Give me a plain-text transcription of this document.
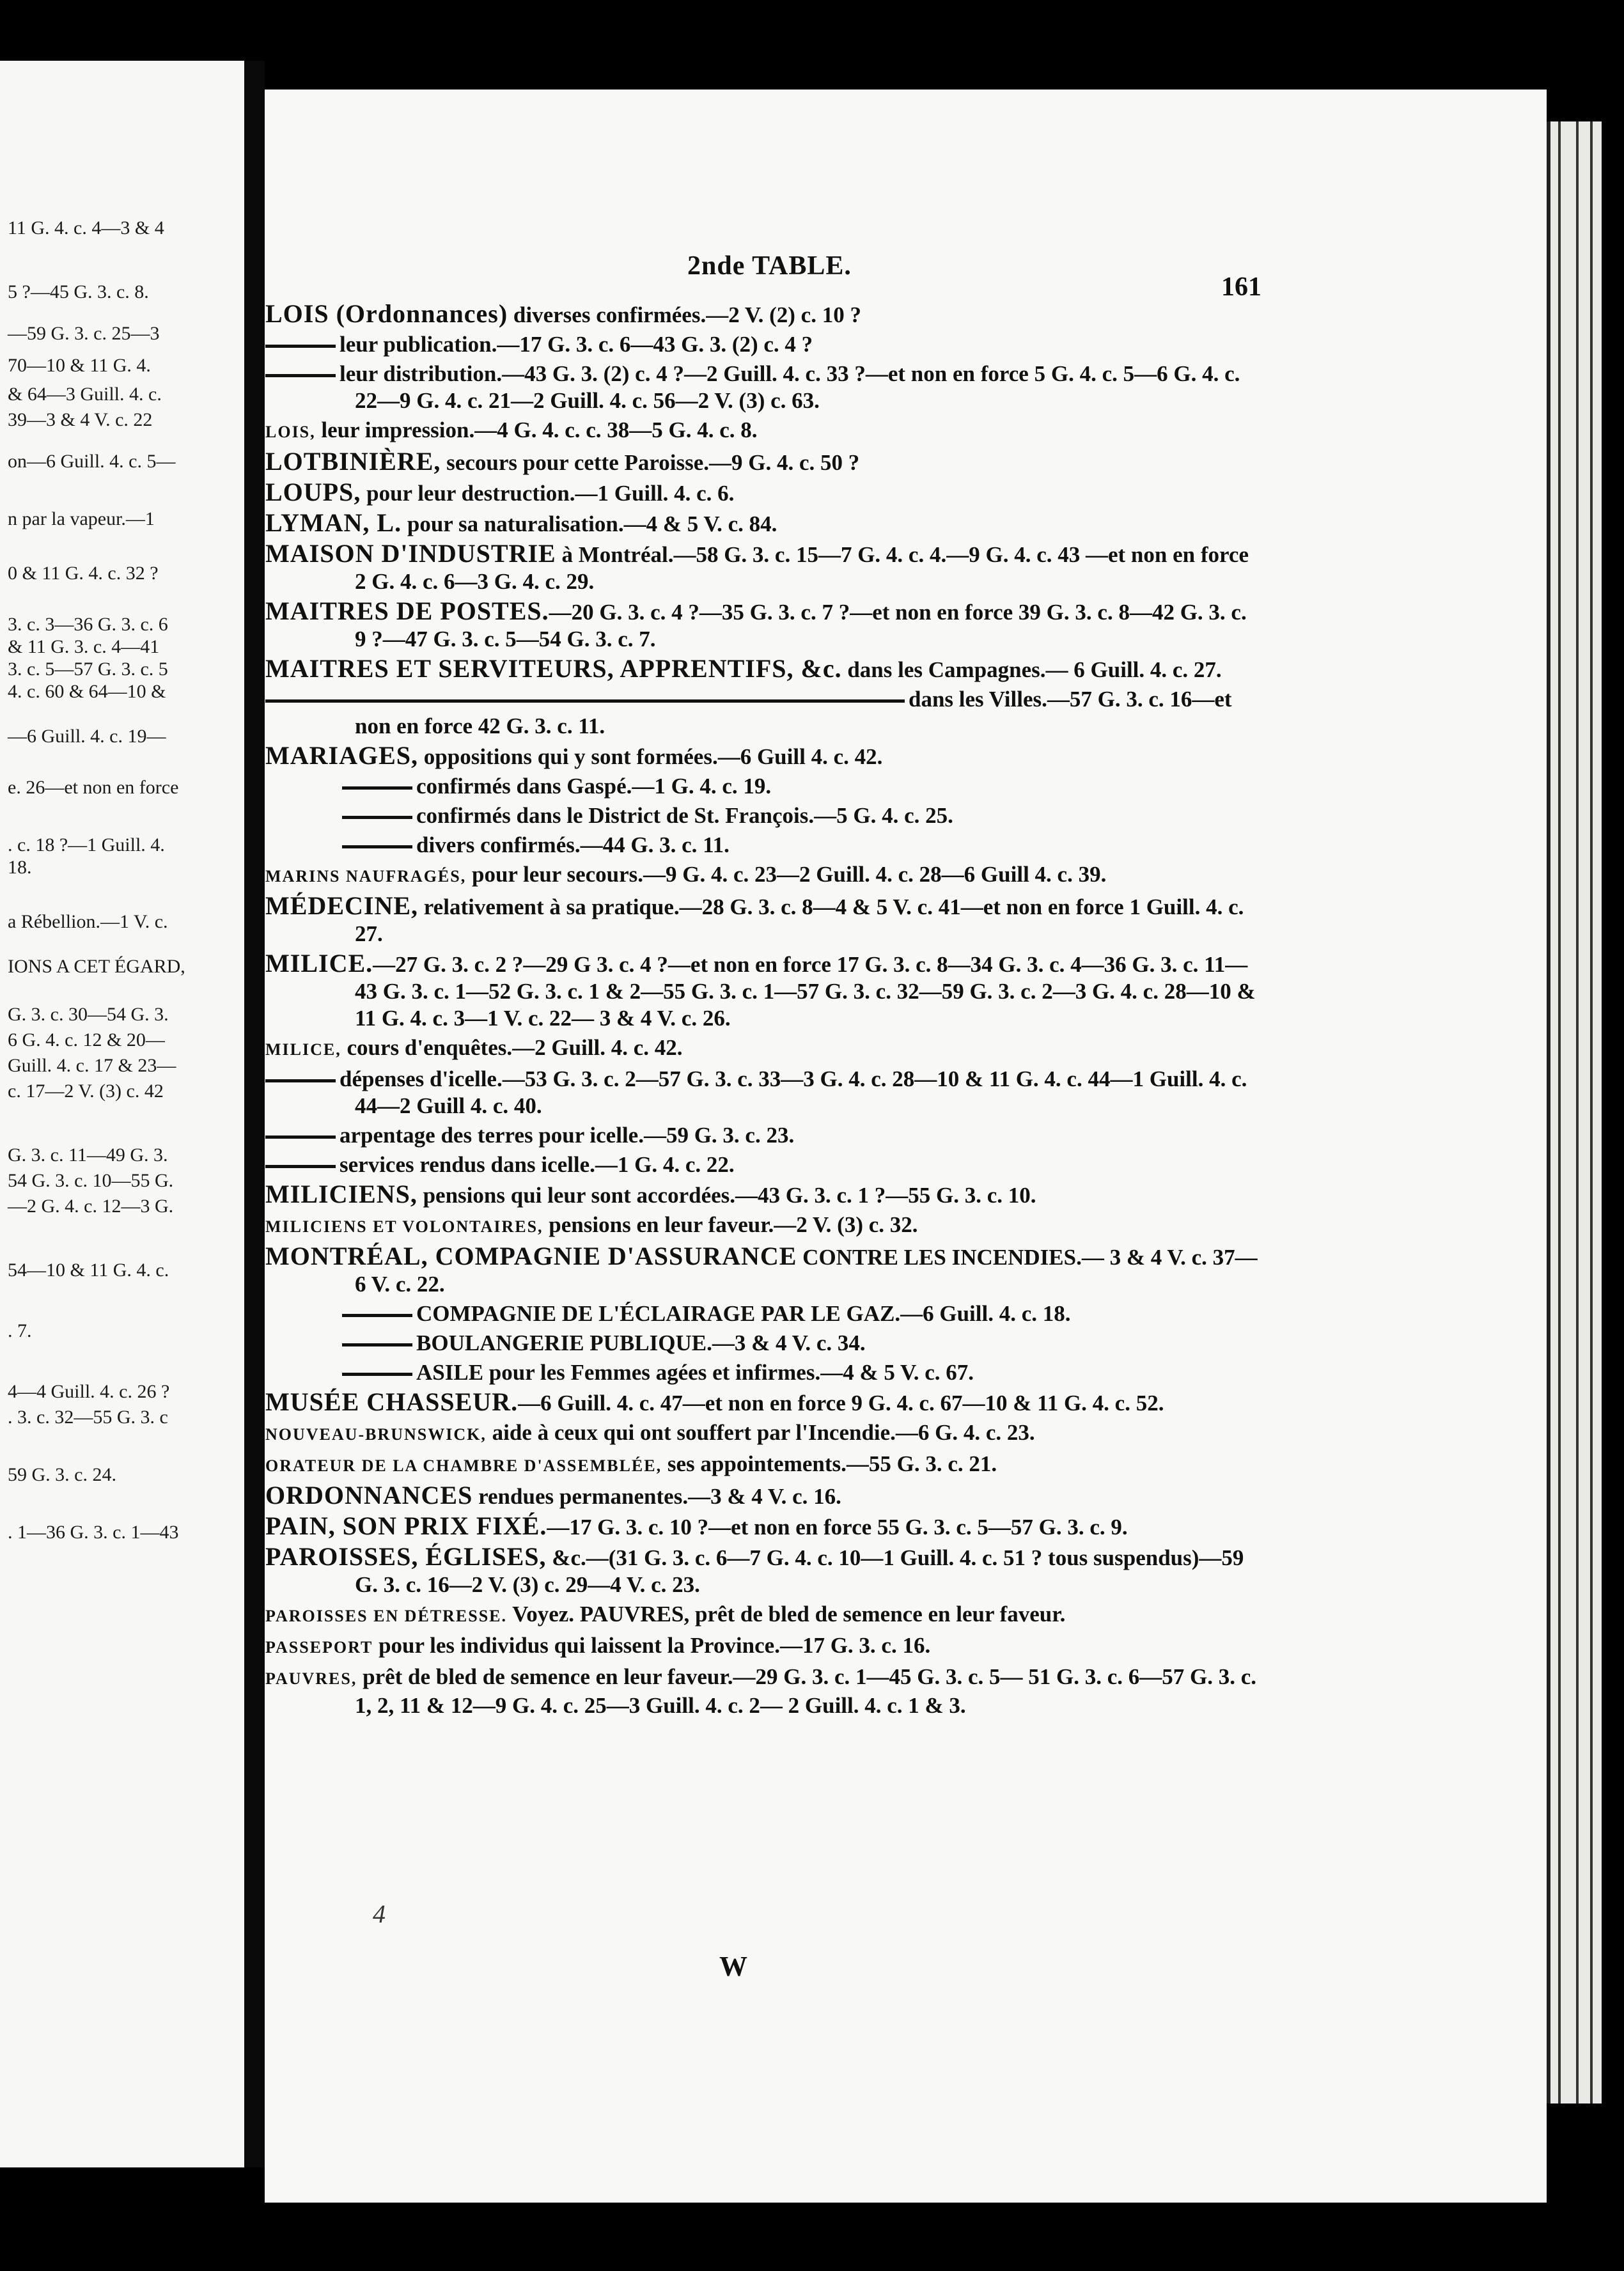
11 G. 4. c. 4—3 & 4
5 ?—45 G. 3. c. 8.
—59 G. 3. c. 25—3
70—10 & 11 G. 4.
& 64—3 Guill. 4. c.
39—3 & 4 V. c. 22
on—6 Guill. 4. c. 5—
n par la vapeur.—1
0 & 11 G. 4. c. 32 ?
3. c. 3—36 G. 3. c. 6
& 11 G. 3. c. 4—41
3. c. 5—57 G. 3. c. 5
4. c. 60 & 64—10 &
—6 Guill. 4. c. 19—
e. 26—et non en force
. c. 18 ?—1 Guill. 4.
18.
a Rébellion.—1 V. c.
IONS A CET ÉGARD,
G. 3. c. 30—54 G. 3.
6 G. 4. c. 12 & 20—
Guill. 4. c. 17 & 23—
c. 17—2 V. (3) c. 42
G. 3. c. 11—49 G. 3.
54 G. 3. c. 10—55 G.
—2 G. 4. c. 12—3 G.
54—10 & 11 G. 4. c.
. 7.
4—4 Guill. 4. c. 26 ?
. 3. c. 32—55 G. 3. c
59 G. 3. c. 24.
. 1—36 G. 3. c. 1—43
2nde TABLE.
161
LOIS (Ordonnances) diverses confirmées.—2 V. (2) c. 10 ?
leur publication.—17 G. 3. c. 6—43 G. 3. (2) c. 4 ?
leur distribution.—43 G. 3. (2) c. 4 ?—2 Guill. 4. c. 33 ?—et non en force 5 G. 4. c. 5—6 G. 4. c. 22—9 G. 4. c. 21—2 Guill. 4. c. 56—2 V. (3) c. 63.
LOIS, leur impression.—4 G. 4. c. c. 38—5 G. 4. c. 8.
LOTBINIÈRE, secours pour cette Paroisse.—9 G. 4. c. 50 ?
LOUPS, pour leur destruction.—1 Guill. 4. c. 6.
LYMAN, L. pour sa naturalisation.—4 & 5 V. c. 84.
MAISON D'INDUSTRIE à Montréal.—58 G. 3. c. 15—7 G. 4. c. 4.—9 G. 4. c. 43 —et non en force 2 G. 4. c. 6—3 G. 4. c. 29.
MAITRES DE POSTES.—20 G. 3. c. 4 ?—35 G. 3. c. 7 ?—et non en force 39 G. 3. c. 8—42 G. 3. c. 9 ?—47 G. 3. c. 5—54 G. 3. c. 7.
MAITRES ET SERVITEURS, APPRENTIFS, &c. dans les Campagnes.— 6 Guill. 4. c. 27.
dans les Villes.—57 G. 3. c. 16—et non en force 42 G. 3. c. 11.
MARIAGES, oppositions qui y sont formées.—6 Guill 4. c. 42.
confirmés dans Gaspé.—1 G. 4. c. 19.
confirmés dans le District de St. François.—5 G. 4. c. 25.
divers confirmés.—44 G. 3. c. 11.
MARINS NAUFRAGÉS, pour leur secours.—9 G. 4. c. 23—2 Guill. 4. c. 28—6 Guill 4. c. 39.
MÉDECINE, relativement à sa pratique.—28 G. 3. c. 8—4 & 5 V. c. 41—et non en force 1 Guill. 4. c. 27.
MILICE.—27 G. 3. c. 2 ?—29 G 3. c. 4 ?—et non en force 17 G. 3. c. 8—34 G. 3. c. 4—36 G. 3. c. 11—43 G. 3. c. 1—52 G. 3. c. 1 & 2—55 G. 3. c. 1—57 G. 3. c. 32—59 G. 3. c. 2—3 G. 4. c. 28—10 & 11 G. 4. c. 3—1 V. c. 22— 3 & 4 V. c. 26.
MILICE, cours d'enquêtes.—2 Guill. 4. c. 42.
dépenses d'icelle.—53 G. 3. c. 2—57 G. 3. c. 33—3 G. 4. c. 28—10 & 11 G. 4. c. 44—1 Guill. 4. c. 44—2 Guill 4. c. 40.
arpentage des terres pour icelle.—59 G. 3. c. 23.
services rendus dans icelle.—1 G. 4. c. 22.
MILICIENS, pensions qui leur sont accordées.—43 G. 3. c. 1 ?—55 G. 3. c. 10.
MILICIENS ET VOLONTAIRES, pensions en leur faveur.—2 V. (3) c. 32.
MONTRÉAL, COMPAGNIE D'ASSURANCE CONTRE LES INCENDIES.— 3 & 4 V. c. 37—6 V. c. 22.
COMPAGNIE DE L'ÉCLAIRAGE PAR LE GAZ.—6 Guill. 4. c. 18.
BOULANGERIE PUBLIQUE.—3 & 4 V. c. 34.
ASILE pour les Femmes agées et infirmes.—4 & 5 V. c. 67.
MUSÉE CHASSEUR.—6 Guill. 4. c. 47—et non en force 9 G. 4. c. 67—10 & 11 G. 4. c. 52.
NOUVEAU-BRUNSWICK, aide à ceux qui ont souffert par l'Incendie.—6 G. 4. c. 23.
ORATEUR DE LA CHAMBRE D'ASSEMBLÉE, ses appointements.—55 G. 3. c. 21.
ORDONNANCES rendues permanentes.—3 & 4 V. c. 16.
PAIN, SON PRIX FIXÉ.—17 G. 3. c. 10 ?—et non en force 55 G. 3. c. 5—57 G. 3. c. 9.
PAROISSES, ÉGLISES, &c.—(31 G. 3. c. 6—7 G. 4. c. 10—1 Guill. 4. c. 51 ? tous suspendus)—59 G. 3. c. 16—2 V. (3) c. 29—4 V. c. 23.
PAROISSES EN DÉTRESSE. Voyez. PAUVRES, prêt de bled de semence en leur faveur.
PASSEPORT pour les individus qui laissent la Province.—17 G. 3. c. 16.
PAUVRES, prêt de bled de semence en leur faveur.—29 G. 3. c. 1—45 G. 3. c. 5— 51 G. 3. c. 6—57 G. 3. c. 1, 2, 11 & 12—9 G. 4. c. 25—3 Guill. 4. c. 2— 2 Guill. 4. c. 1 & 3.
4
W
